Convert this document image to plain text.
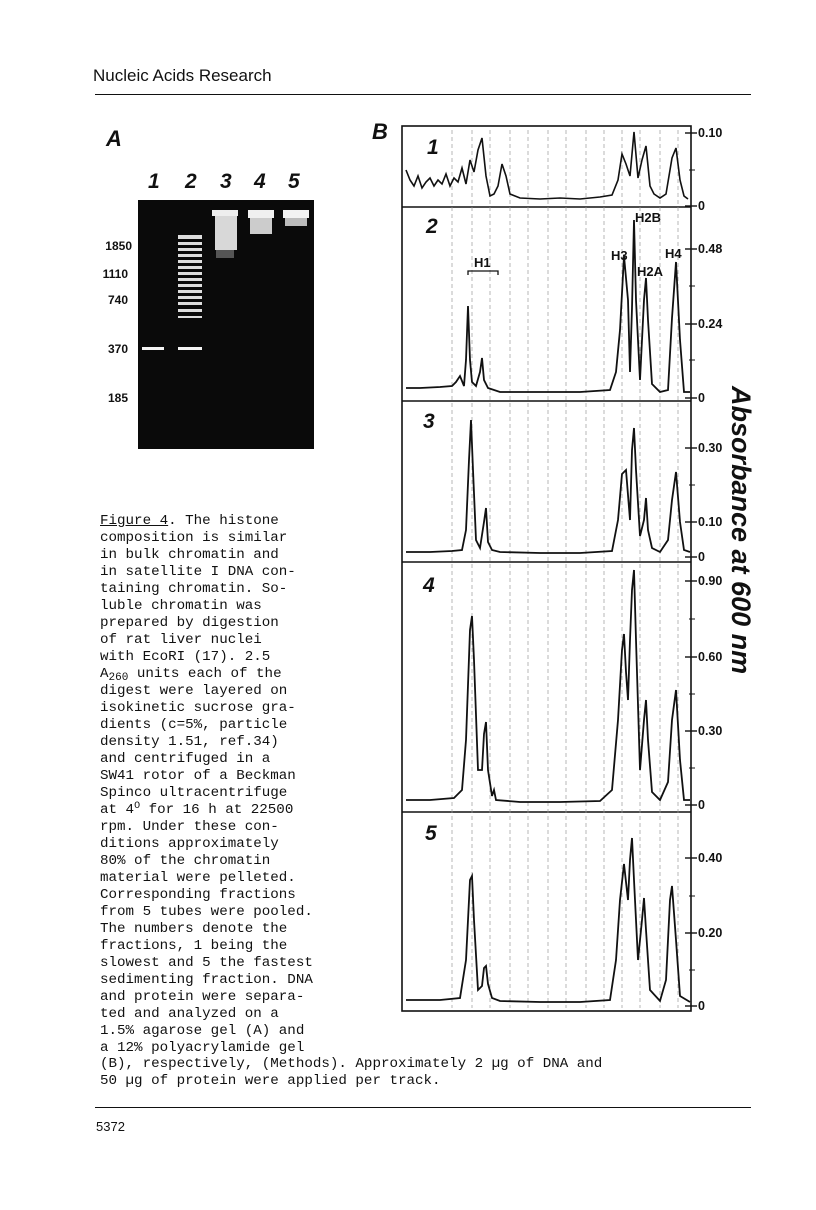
Nucleic Acids Research
A
1 2 3 4 5
1850
1110
740
370
185
B
1
2
3
4
5
H1	H3
H2B
H2A
H4
0.10
0
0.48
0.24
0
0.30
0.10
0
0.90
0.60
0.30
0
0.40
0.20
0
Absorbance at 600 nm
Figure 4. The histone
composition is similar
in bulk chromatin and
in satellite I DNA con-
taining chromatin. So-
luble chromatin was
prepared by digestion
of rat liver nuclei
with EcoRI (17). 2.5
$A_{260}$ units each of the
digest were layered on
isokinetic sucrose gra-
dients (c=5%, particle
density 1.51, ref.34)
and centrifuged in a
SW41 rotor of a Beckman
Spinco ultracentrifuge
at $4^O$ for 16 h at 22500
rpm. Under these con-
ditions approximately
80% of the chromatin
material were pelleted.
Corresponding fractions
from 5 tubes were pooled.
The numbers denote the
fractions, 1 being the
slowest and 5 the fastest
sedimenting fraction. DNA
and protein were separa-
ted and analyzed on a
1.5% agarose gel (A) and
a 12% polyacrylamide gel
(B), respectively, (Methods). Approximately 2 µg of DNA and
50 µg of protein were applied per track.
5372
